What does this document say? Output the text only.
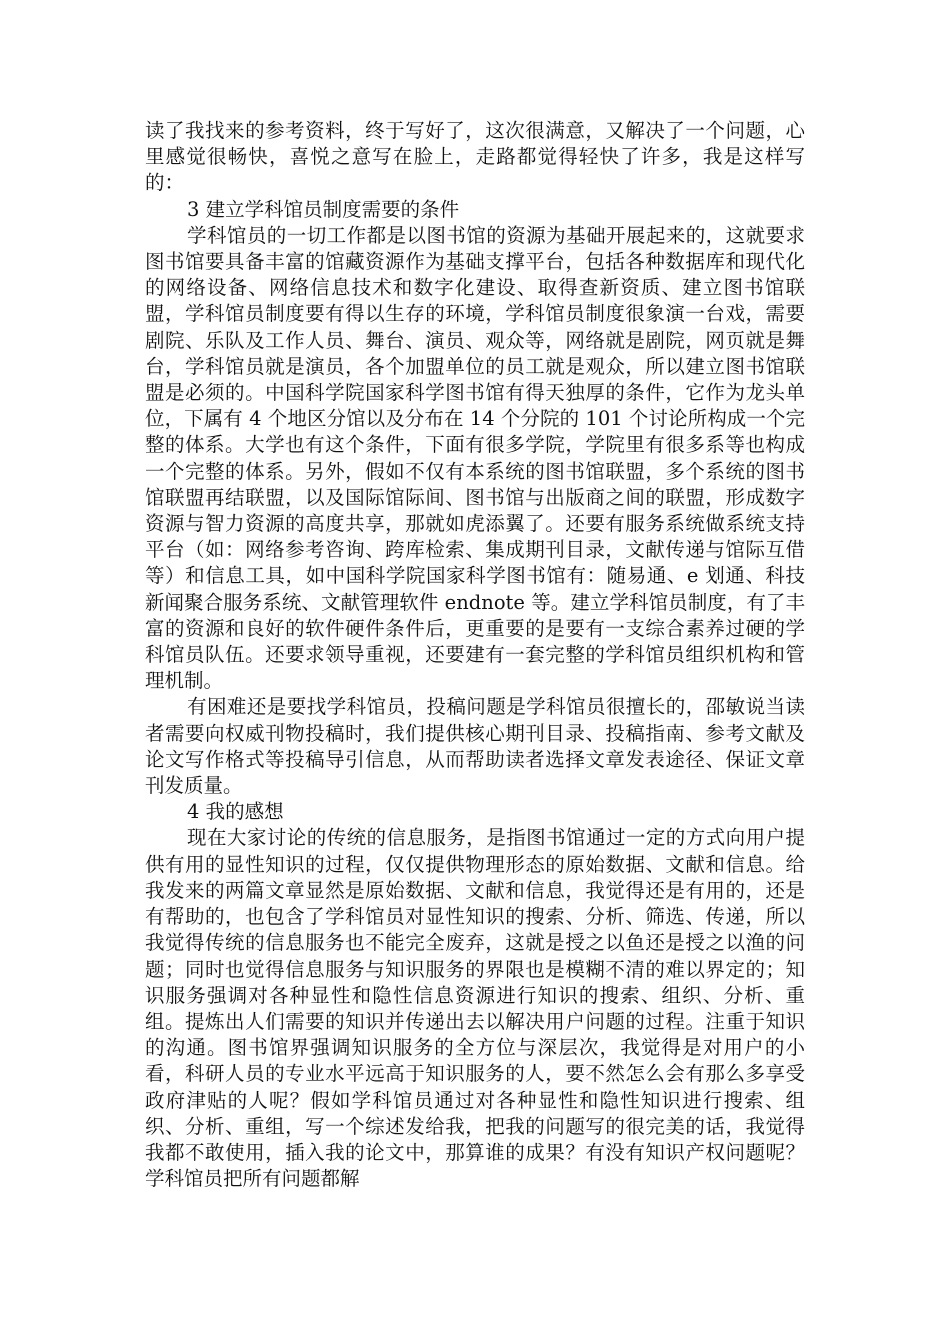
读了我找来的参考资料，终于写好了，这次很满意，又解决了一个问题，心里感觉很畅快，喜悦之意写在脸上，走路都觉得轻快了许多，我是这样写的：

3 建立学科馆员制度需要的条件

学科馆员的一切工作都是以图书馆的资源为基础开展起来的，这就要求图书馆要具备丰富的馆藏资源作为基础支撑平台，包括各种数据库和现代化的网络设备、网络信息技术和数字化建设、取得查新资质、建立图书馆联盟，学科馆员制度要有得以生存的环境，学科馆员制度很象演一台戏，需要剧院、乐队及工作人员、舞台、演员、观众等，网络就是剧院，网页就是舞台，学科馆员就是演员，各个加盟单位的员工就是观众，所以建立图书馆联盟是必须的。中国科学院国家科学图书馆有得天独厚的条件，它作为龙头单位，下属有 4 个地区分馆以及分布在 14 个分院的 101 个讨论所构成一个完整的体系。大学也有这个条件，下面有很多学院，学院里有很多系等也构成一个完整的体系。另外，假如不仅有本系统的图书馆联盟，多个系统的图书馆联盟再结联盟，以及国际馆际间、图书馆与出版商之间的联盟，形成数字资源与智力资源的高度共享，那就如虎添翼了。还要有服务系统做系统支持平台（如：网络参考咨询、跨库检索、集成期刊目录，文献传递与馆际互借等）和信息工具，如中国科学院国家科学图书馆有：随易通、e 划通、科技新闻聚合服务系统、文献管理软件 endnote 等。建立学科馆员制度，有了丰富的资源和良好的软件硬件条件后，更重要的是要有一支综合素养过硬的学科馆员队伍。还要求领导重视，还要建有一套完整的学科馆员组织机构和管理机制。

有困难还是要找学科馆员，投稿问题是学科馆员很擅长的，邵敏说当读者需要向权威刊物投稿时，我们提供核心期刊目录、投稿指南、参考文献及论文写作格式等投稿导引信息，从而帮助读者选择文章发表途径、保证文章刊发质量。

4 我的感想

现在大家讨论的传统的信息服务，是指图书馆通过一定的方式向用户提供有用的显性知识的过程，仅仅提供物理形态的原始数据、文献和信息。给我发来的两篇文章显然是原始数据、文献和信息，我觉得还是有用的，还是有帮助的，也包含了学科馆员对显性知识的搜索、分析、筛选、传递，所以我觉得传统的信息服务也不能完全废弃，这就是授之以鱼还是授之以渔的问题；同时也觉得信息服务与知识服务的界限也是模糊不清的难以界定的；知识服务强调对各种显性和隐性信息资源进行知识的搜索、组织、分析、重组。提炼出人们需要的知识并传递出去以解决用户问题的过程。注重于知识的沟通。图书馆界强调知识服务的全方位与深层次，我觉得是对用户的小看，科研人员的专业水平远高于知识服务的人，要不然怎么会有那么多享受政府津贴的人呢？假如学科馆员通过对各种显性和隐性知识进行搜索、组织、分析、重组，写一个综述发给我，把我的问题写的很完美的话，我觉得我都不敢使用，插入我的论文中，那算谁的成果？有没有知识产权问题呢？学科馆员把所有问题都解
